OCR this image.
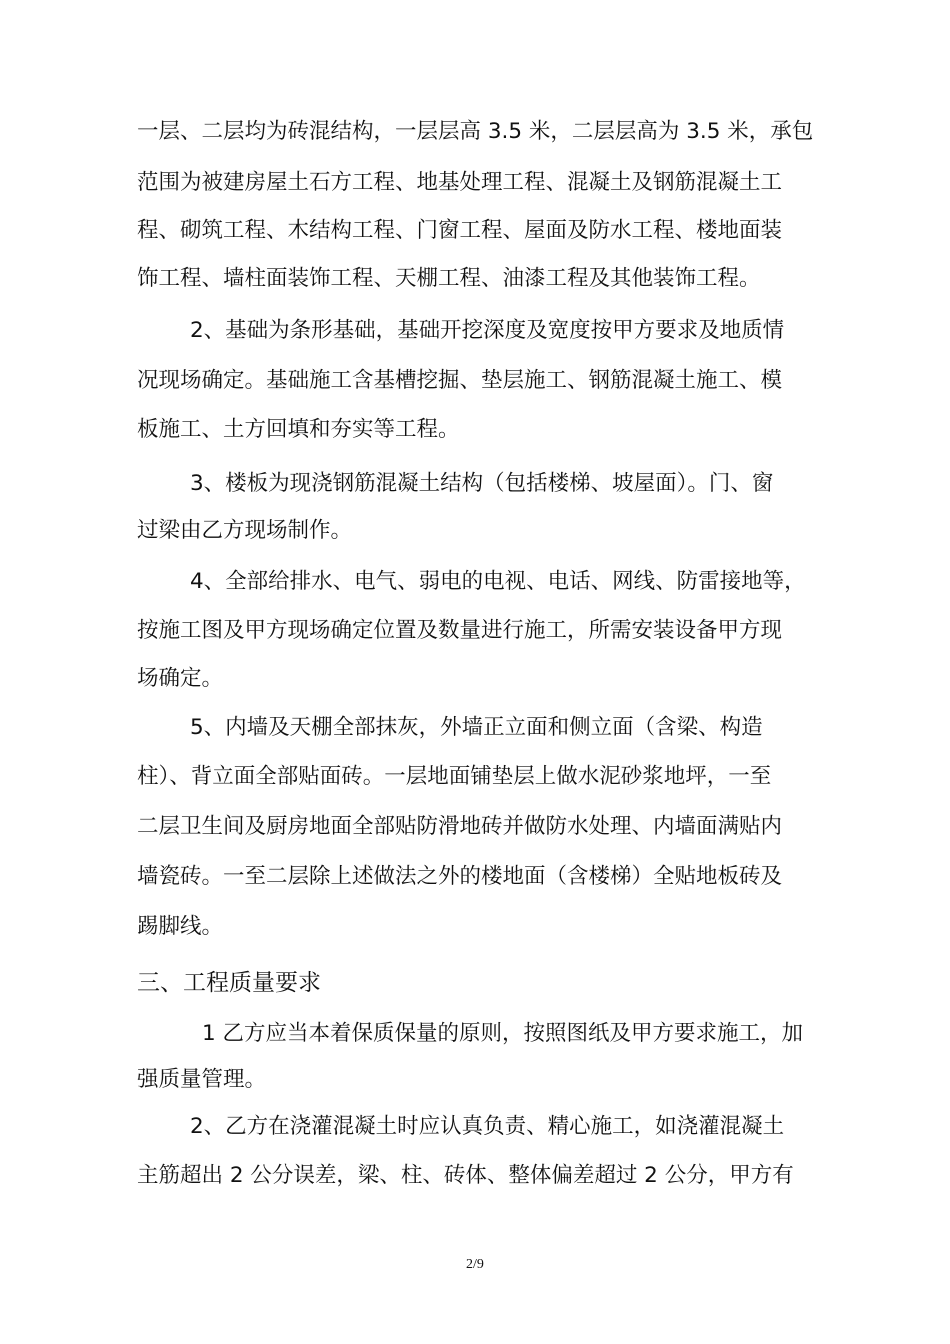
一层、二层均为砖混结构，一层层高 3.5 米，二层层高为 3.5 米，承包
范围为被建房屋土石方工程、地基处理工程、混凝土及钢筋混凝土工
程、砌筑工程、木结构工程、门窗工程、屋面及防水工程、楼地面装
饰工程、墙柱面装饰工程、天棚工程、油漆工程及其他装饰工程。
2、基础为条形基础，基础开挖深度及宽度按甲方要求及地质情
况现场确定。基础施工含基槽挖掘、垫层施工、钢筋混凝土施工、模
板施工、土方回填和夯实等工程。
3、楼板为现浇钢筋混凝土结构（包括楼梯、坡屋面）。门、窗
过梁由乙方现场制作。
4、全部给排水、电气、弱电的电视、电话、网线、防雷接地等，
按施工图及甲方现场确定位置及数量进行施工，所需安装设备甲方现
场确定。
5、内墙及天棚全部抹灰，外墙正立面和侧立面（含梁、构造
柱）、背立面全部贴面砖。一层地面铺垫层上做水泥砂浆地坪，一至
二层卫生间及厨房地面全部贴防滑地砖并做防水处理、内墙面满贴内
墙瓷砖。一至二层除上述做法之外的楼地面（含楼梯）全贴地板砖及
踢脚线。
三、工程质量要求
1 乙方应当本着保质保量的原则，按照图纸及甲方要求施工，加
强质量管理。
2、乙方在浇灌混凝土时应认真负责、精心施工，如浇灌混凝土
主筋超出 2 公分误差，梁、柱、砖体、整体偏差超过 2 公分，甲方有
2/9
